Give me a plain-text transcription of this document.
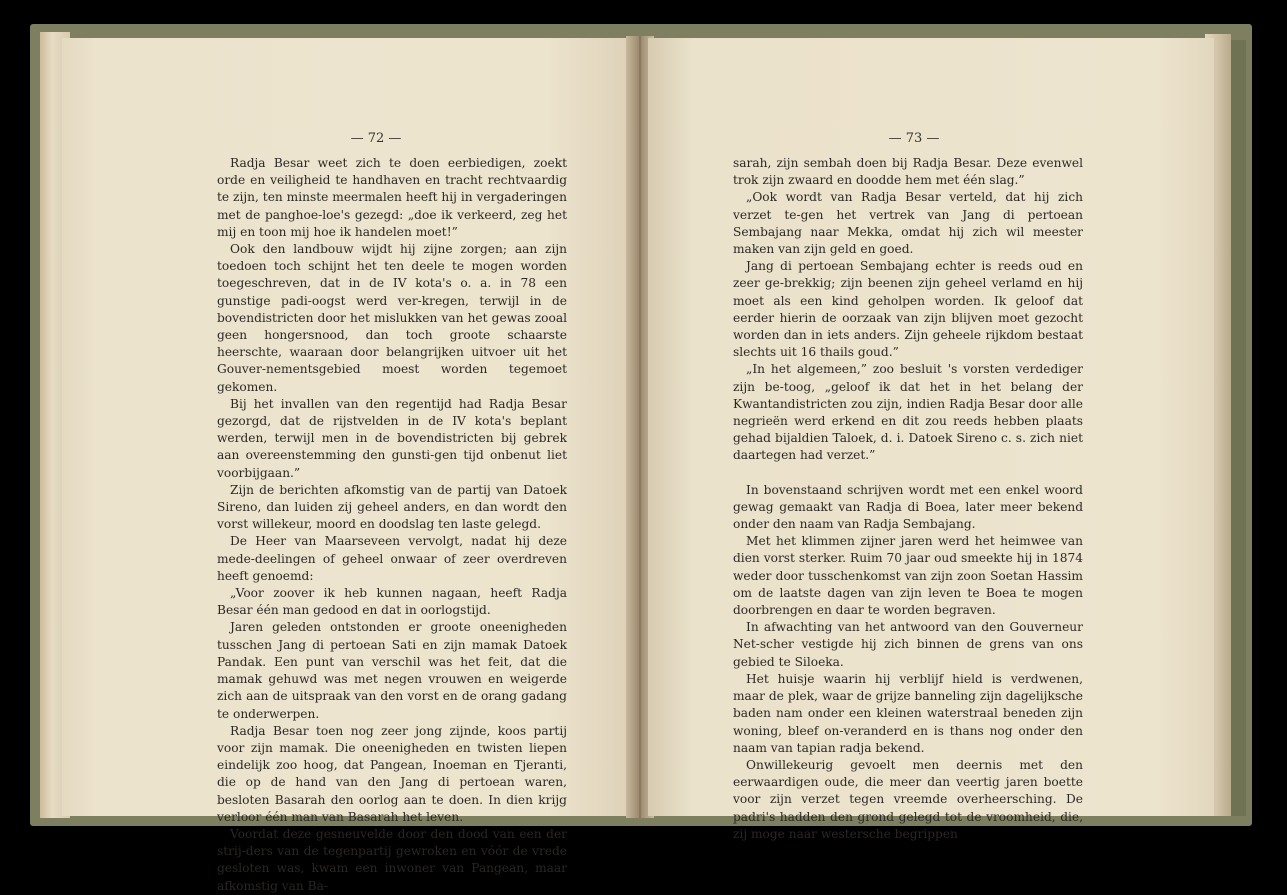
— 72 —

Radja Besar weet zich te doen eerbiedigen, zoekt orde en veiligheid te handhaven en tracht rechtvaardig te zijn, ten minste meermalen heeft hij in vergaderingen met de panghoe-loe's gezegd: „doe ik verkeerd, zeg het mij en toon mij hoe ik handelen moet!”

Ook den landbouw wijdt hij zijne zorgen; aan zijn toedoen toch schijnt het ten deele te mogen worden toegeschreven, dat in de IV kota's o. a. in 78 een gunstige padi-oogst werd ver-kregen, terwijl in de bovendistricten door het mislukken van het gewas zooal geen hongersnood, dan toch groote schaarste heerschte, waaraan door belangrijken uitvoer uit het Gouver-nementsgebied moest worden tegemoet gekomen.

Bij het invallen van den regentijd had Radja Besar gezorgd, dat de rijstvelden in de IV kota's beplant werden, terwijl men in de bovendistricten bij gebrek aan overeenstemming den gunsti-gen tijd onbenut liet voorbijgaan.”

Zijn de berichten afkomstig van de partij van Datoek Sireno, dan luiden zij geheel anders, en dan wordt den vorst willekeur, moord en doodslag ten laste gelegd.

De Heer van Maarseveen vervolgt, nadat hij deze mede-deelingen of geheel onwaar of zeer overdreven heeft genoemd:

„Voor zoover ik heb kunnen nagaan, heeft Radja Besar één man gedood en dat in oorlogstijd.

Jaren geleden ontstonden er groote oneenigheden tusschen Jang di pertoean Sati en zijn mamak Datoek Pandak. Een punt van verschil was het feit, dat die mamak gehuwd was met negen vrouwen en weigerde zich aan de uitspraak van den vorst en de orang gadang te onderwerpen.

Radja Besar toen nog zeer jong zijnde, koos partij voor zijn mamak. Die oneenigheden en twisten liepen eindelijk zoo hoog, dat Pangean, Inoeman en Tjeranti, die op de hand van den Jang di pertoean waren, besloten Basarah den oorlog aan te doen. In dien krijg verloor één man van Basarah het leven.

Voordat deze gesneuvelde door den dood van een der strij-ders van de tegenpartij gewroken en vóór de vrede gesloten was, kwam een inwoner van Pangean, maar afkomstig van Ba-

— 73 —

sarah, zijn sembah doen bij Radja Besar. Deze evenwel trok zijn zwaard en doodde hem met één slag.”

„Ook wordt van Radja Besar verteld, dat hij zich verzet te-gen het vertrek van Jang di pertoean Sembajang naar Mekka, omdat hij zich wil meester maken van zijn geld en goed.

Jang di pertoean Sembajang echter is reeds oud en zeer ge-brekkig; zijn beenen zijn geheel verlamd en hij moet als een kind geholpen worden. Ik geloof dat eerder hierin de oorzaak van zijn blijven moet gezocht worden dan in iets anders. Zijn geheele rijkdom bestaat slechts uit 16 thails goud.”

„In het algemeen,” zoo besluit 's vorsten verdediger zijn be-toog, „geloof ik dat het in het belang der Kwantandistricten zou zijn, indien Radja Besar door alle negrieën werd erkend en dit zou reeds hebben plaats gehad bijaldien Taloek, d. i. Datoek Sireno c. s. zich niet daartegen had verzet.”

In bovenstaand schrijven wordt met een enkel woord gewag gemaakt van Radja di Boea, later meer bekend onder den naam van Radja Sembajang.

Met het klimmen zijner jaren werd het heimwee van dien vorst sterker. Ruim 70 jaar oud smeekte hij in 1874 weder door tusschenkomst van zijn zoon Soetan Hassim om de laatste dagen van zijn leven te Boea te mogen doorbrengen en daar te worden begraven.

In afwachting van het antwoord van den Gouverneur Net-scher vestigde hij zich binnen de grens van ons gebied te Siloeka.

Het huisje waarin hij verblijf hield is verdwenen, maar de plek, waar de grijze banneling zijn dagelijksche baden nam onder een kleinen waterstraal beneden zijn woning, bleef on-veranderd en is thans nog onder den naam van tapian radja bekend.

Onwillekeurig gevoelt men deernis met den eerwaardigen oude, die meer dan veertig jaren boette voor zijn verzet tegen vreemde overheersching. De padri's hadden den grond gelegd tot de vroomheid, die, zij moge naar westersche begrippen
